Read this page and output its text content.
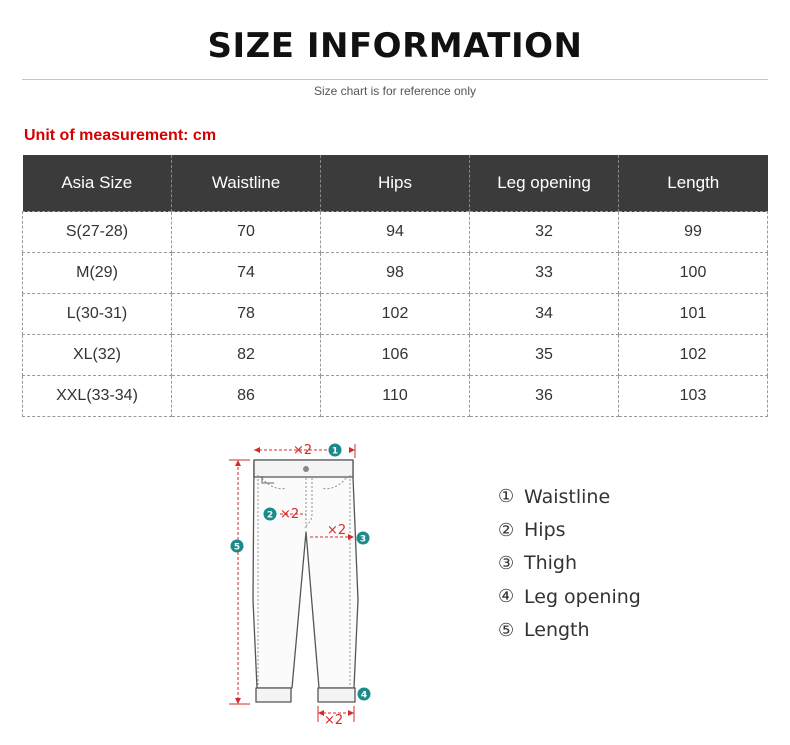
SIZE INFORMATION
Size chart is for reference only
Unit of measurement: cm
Asia Size	Waistline	Hips	Leg opening	Length
S(27-28)	70	94	32	99
M(29)	74	98	33	100
L(30-31)	78	102	34	101
XL(32)	82	106	35	102
XXL(33-34)	86	110	36	103
×2
×2
×2
×2
1
2
3
4
5
① Waistline
② Hips
③ Thigh
④ Leg opening
⑤ Length
